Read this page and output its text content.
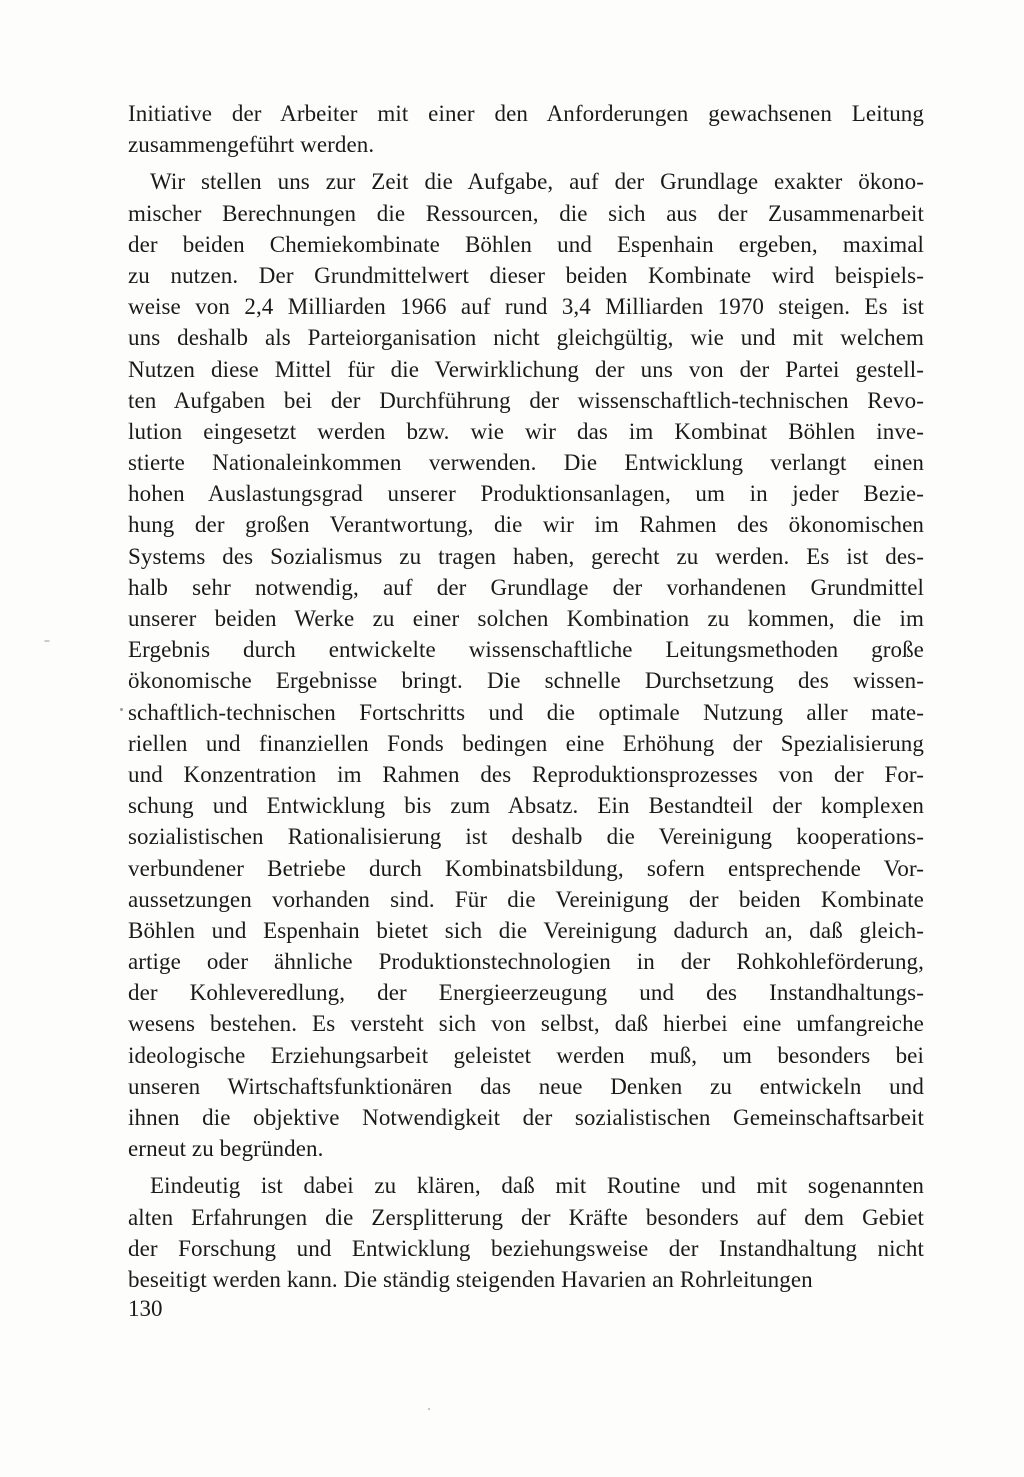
Initiative der Arbeiter mit einer den Anforderungen gewachsenen Leitung
zusammengeführt werden.
Wir stellen uns zur Zeit die Aufgabe, auf der Grundlage exakter ökono-
mischer Berechnungen die Ressourcen, die sich aus der Zusammenarbeit
der beiden Chemiekombinate Böhlen und Espenhain ergeben, maximal
zu nutzen. Der Grundmittelwert dieser beiden Kombinate wird beispiels-
weise von 2,4 Milliarden 1966 auf rund 3,4 Milliarden 1970 steigen. Es ist
uns deshalb als Parteiorganisation nicht gleichgültig, wie und mit welchem
Nutzen diese Mittel für die Verwirklichung der uns von der Partei gestell-
ten Aufgaben bei der Durchführung der wissenschaftlich-technischen Revo-
lution eingesetzt werden bzw. wie wir das im Kombinat Böhlen inve-
stierte Nationaleinkommen verwenden. Die Entwicklung verlangt einen
hohen Auslastungsgrad unserer Produktionsanlagen, um in jeder Bezie-
hung der großen Verantwortung, die wir im Rahmen des ökonomischen
Systems des Sozialismus zu tragen haben, gerecht zu werden. Es ist des-
halb sehr notwendig, auf der Grundlage der vorhandenen Grundmittel
unserer beiden Werke zu einer solchen Kombination zu kommen, die im
Ergebnis durch entwickelte wissenschaftliche Leitungsmethoden große
ökonomische Ergebnisse bringt. Die schnelle Durchsetzung des wissen-
schaftlich-technischen Fortschritts und die optimale Nutzung aller mate-
riellen und finanziellen Fonds bedingen eine Erhöhung der Spezialisierung
und Konzentration im Rahmen des Reproduktionsprozesses von der For-
schung und Entwicklung bis zum Absatz. Ein Bestandteil der komplexen
sozialistischen Rationalisierung ist deshalb die Vereinigung kooperations-
verbundener Betriebe durch Kombinatsbildung, sofern entsprechende Vor-
aussetzungen vorhanden sind. Für die Vereinigung der beiden Kombinate
Böhlen und Espenhain bietet sich die Vereinigung dadurch an, daß gleich-
artige oder ähnliche Produktionstechnologien in der Rohkohleförderung,
der Kohleveredlung, der Energieerzeugung und des Instandhaltungs-
wesens bestehen. Es versteht sich von selbst, daß hierbei eine umfangreiche
ideologische Erziehungsarbeit geleistet werden muß, um besonders bei
unseren Wirtschaftsfunktionären das neue Denken zu entwickeln und
ihnen die objektive Notwendigkeit der sozialistischen Gemeinschaftsarbeit
erneut zu begründen.
Eindeutig ist dabei zu klären, daß mit Routine und mit sogenannten
alten Erfahrungen die Zersplitterung der Kräfte besonders auf dem Gebiet
der Forschung und Entwicklung beziehungsweise der Instandhaltung nicht
beseitigt werden kann. Die ständig steigenden Havarien an Rohrleitungen
130
